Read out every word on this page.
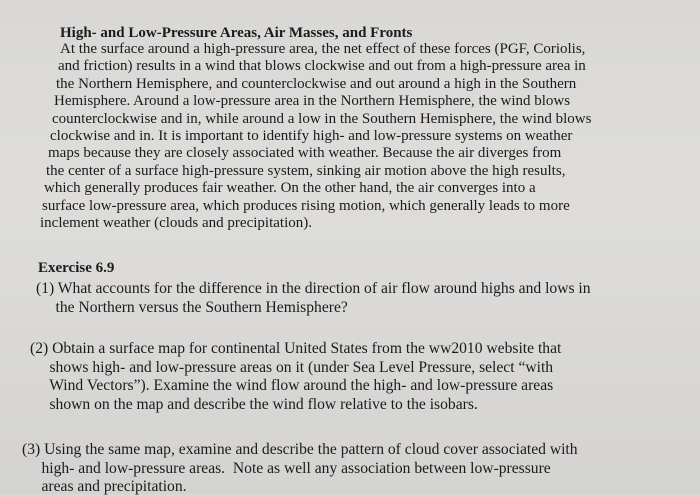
High- and Low-Pressure Areas, Air Masses, and Fronts
At the surface around a high-pressure area, the net effect of these forces (PGF, Coriolis,
and friction) results in a wind that blows clockwise and out from a high-pressure area in
the Northern Hemisphere, and counterclockwise and out around a high in the Southern
Hemisphere. Around a low-pressure area in the Northern Hemisphere, the wind blows
counterclockwise and in, while around a low in the Southern Hemisphere, the wind blows
clockwise and in. It is important to identify high- and low-pressure systems on weather
maps because they are closely associated with weather. Because the air diverges from
the center of a surface high-pressure system, sinking air motion above the high results,
which generally produces fair weather. On the other hand, the air converges into a
surface low-pressure area, which produces rising motion, which generally leads to more
inclement weather (clouds and precipitation).
Exercise 6.9
(1) What accounts for the difference in the direction of air flow around highs and lows in
the Northern versus the Southern Hemisphere?
(2) Obtain a surface map for continental United States from the ww2010 website that
shows high- and low-pressure areas on it (under Sea Level Pressure, select “with
Wind Vectors”). Examine the wind flow around the high- and low-pressure areas
shown on the map and describe the wind flow relative to the isobars.
(3) Using the same map, examine and describe the pattern of cloud cover associated with
high- and low-pressure areas.  Note as well any association between low-pressure
areas and precipitation.
